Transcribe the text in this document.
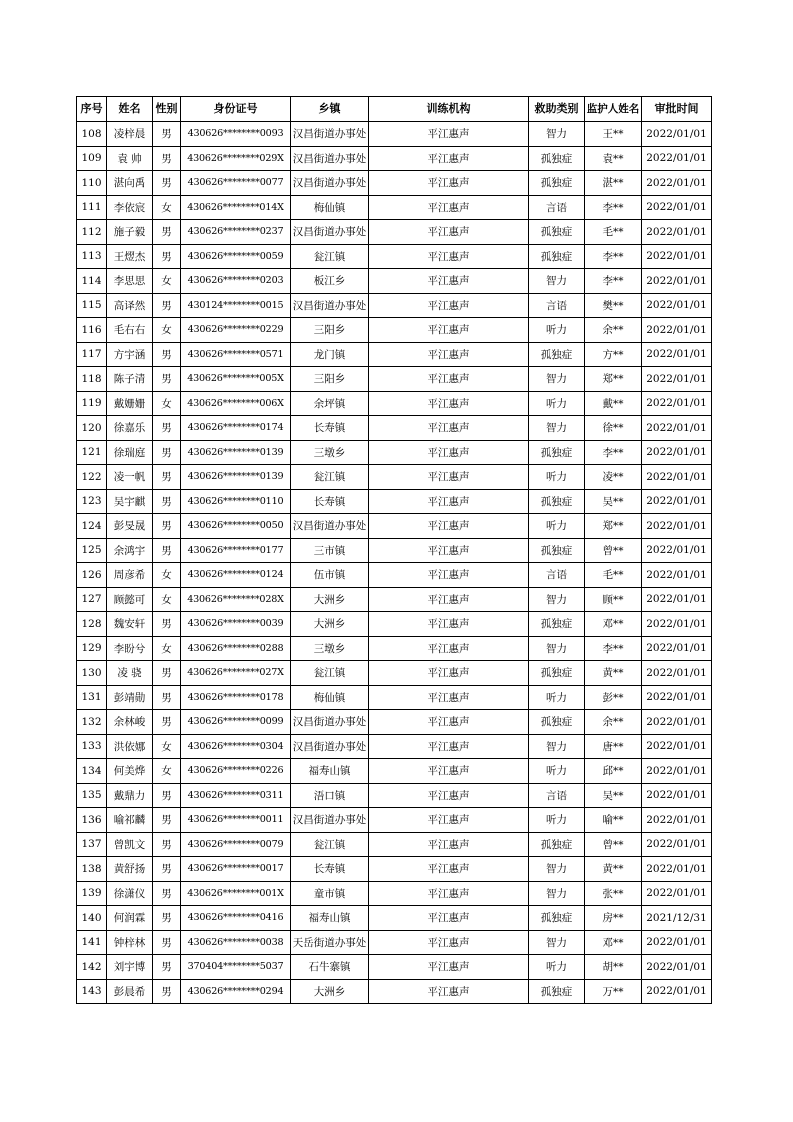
序号	姓名	性别	身份证号	乡镇	训练机构	救助类别	监护人姓名	审批时间
108	凌梓晨	男	430626********0093	汉昌街道办事处	平江惠声	智力	王**	2022/01/01
109	袁 帅	男	430626********029X	汉昌街道办事处	平江惠声	孤独症	袁**	2022/01/01
110	湛向禹	男	430626********0077	汉昌街道办事处	平江惠声	孤独症	湛**	2022/01/01
111	李依宸	女	430626********014X	梅仙镇	平江惠声	言语	李**	2022/01/01
112	施子毅	男	430626********0237	汉昌街道办事处	平江惠声	孤独症	毛**	2022/01/01
113	王熤杰	男	430626********0059	瓮江镇	平江惠声	孤独症	李**	2022/01/01
114	李思思	女	430626********0203	板江乡	平江惠声	智力	李**	2022/01/01
115	高译然	男	430124********0015	汉昌街道办事处	平江惠声	言语	樊**	2022/01/01
116	毛右右	女	430626********0229	三阳乡	平江惠声	听力	余**	2022/01/01
117	方宇涵	男	430626********0571	龙门镇	平江惠声	孤独症	方**	2022/01/01
118	陈子清	男	430626********005X	三阳乡	平江惠声	智力	郑**	2022/01/01
119	戴姗姗	女	430626********006X	余坪镇	平江惠声	听力	戴**	2022/01/01
120	徐嘉乐	男	430626********0174	长寿镇	平江惠声	智力	徐**	2022/01/01
121	徐瑞庭	男	430626********0139	三墩乡	平江惠声	孤独症	李**	2022/01/01
122	凌一帆	男	430626********0139	瓮江镇	平江惠声	听力	凌**	2022/01/01
123	吴宇麒	男	430626********0110	长寿镇	平江惠声	孤独症	吴**	2022/01/01
124	彭旻晟	男	430626********0050	汉昌街道办事处	平江惠声	听力	郑**	2022/01/01
125	余鸿宇	男	430626********0177	三市镇	平江惠声	孤独症	曾**	2022/01/01
126	周彦希	女	430626********0124	伍市镇	平江惠声	言语	毛**	2022/01/01
127	顾懿可	女	430626********028X	大洲乡	平江惠声	智力	顾**	2022/01/01
128	魏安轩	男	430626********0039	大洲乡	平江惠声	孤独症	邓**	2022/01/01
129	李盼兮	女	430626********0288	三墩乡	平江惠声	智力	李**	2022/01/01
130	凌 骁	男	430626********027X	瓮江镇	平江惠声	孤独症	黄**	2022/01/01
131	彭靖勋	男	430626********0178	梅仙镇	平江惠声	听力	彭**	2022/01/01
132	余林峻	男	430626********0099	汉昌街道办事处	平江惠声	孤独症	余**	2022/01/01
133	洪依娜	女	430626********0304	汉昌街道办事处	平江惠声	智力	唐**	2022/01/01
134	何美烨	女	430626********0226	福寿山镇	平江惠声	听力	邱**	2022/01/01
135	戴鼎力	男	430626********0311	浯口镇	平江惠声	言语	吴**	2022/01/01
136	喻祁麟	男	430626********0011	汉昌街道办事处	平江惠声	听力	喻**	2022/01/01
137	曾凯文	男	430626********0079	瓮江镇	平江惠声	孤独症	曾**	2022/01/01
138	黄舒扬	男	430626********0017	长寿镇	平江惠声	智力	黄**	2022/01/01
139	徐潇仪	男	430626********001X	童市镇	平江惠声	智力	张**	2022/01/01
140	何润霖	男	430626********0416	福寿山镇	平江惠声	孤独症	房**	2021/12/31
141	钟梓林	男	430626********0038	天岳街道办事处	平江惠声	智力	邓**	2022/01/01
142	刘宇博	男	370404********5037	石牛寨镇	平江惠声	听力	胡**	2022/01/01
143	彭晨希	男	430626********0294	大洲乡	平江惠声	孤独症	万**	2022/01/01
